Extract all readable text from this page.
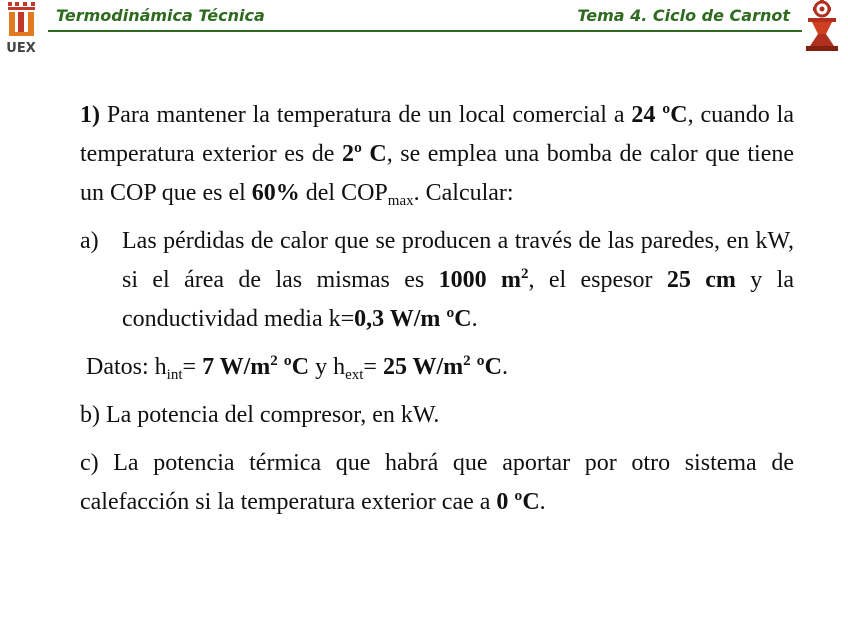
UEX
Termodinámica Técnica	Tema 4. Ciclo de Carnot

1) Para mantener la temperatura de un local comercial a 24 ºC, cuando la temperatura exterior es de 2º C, se emplea una bomba de calor que tiene un COP que es el 60% del $COP_{max}$. Calcular:

a) Las pérdidas de calor que se producen a través de las paredes, en kW, si el área de las mismas es 1000 $m^2$, el espesor 25 cm y la conductividad media k=0,3 W/m ºC.

Datos: $h_{int}= 7$ $W/m^2$ ºC y $h_{ext}= 25$ $W/m^2$ ºC.

b) La potencia del compresor, en kW.

c) La potencia térmica que habrá que aportar por otro sistema de calefacción si la temperatura exterior cae a 0 ºC.
